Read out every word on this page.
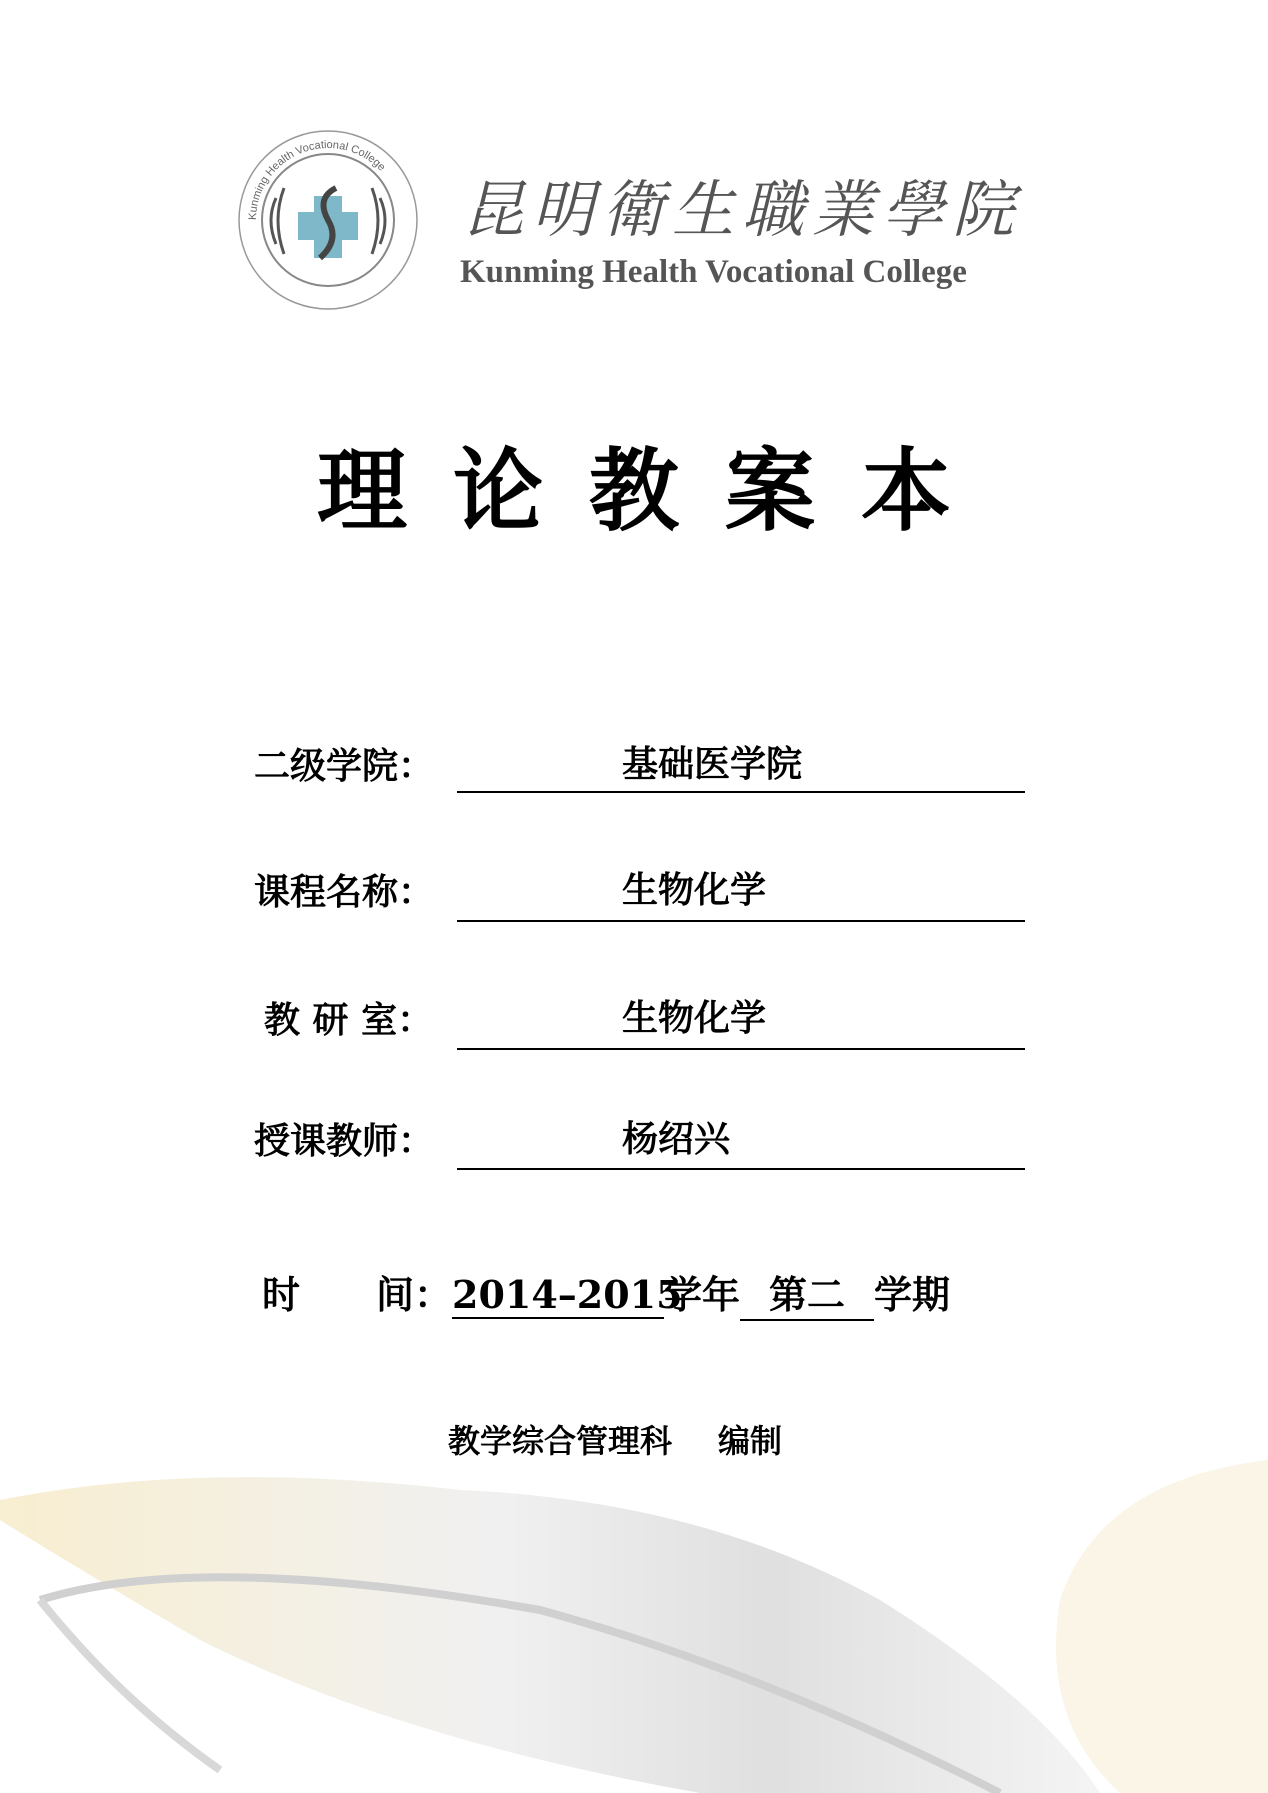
Kunming Health Vocational College
昆明衛生職業學院
Kunming Health Vocational College
理论教案本
二级学院：	基础医学院
课程名称：	生物化学
教 研 室：	生物化学
授课教师：	杨绍兴
时　　间：2014–2015学年 第二 学期
教学综合管理科 编制
